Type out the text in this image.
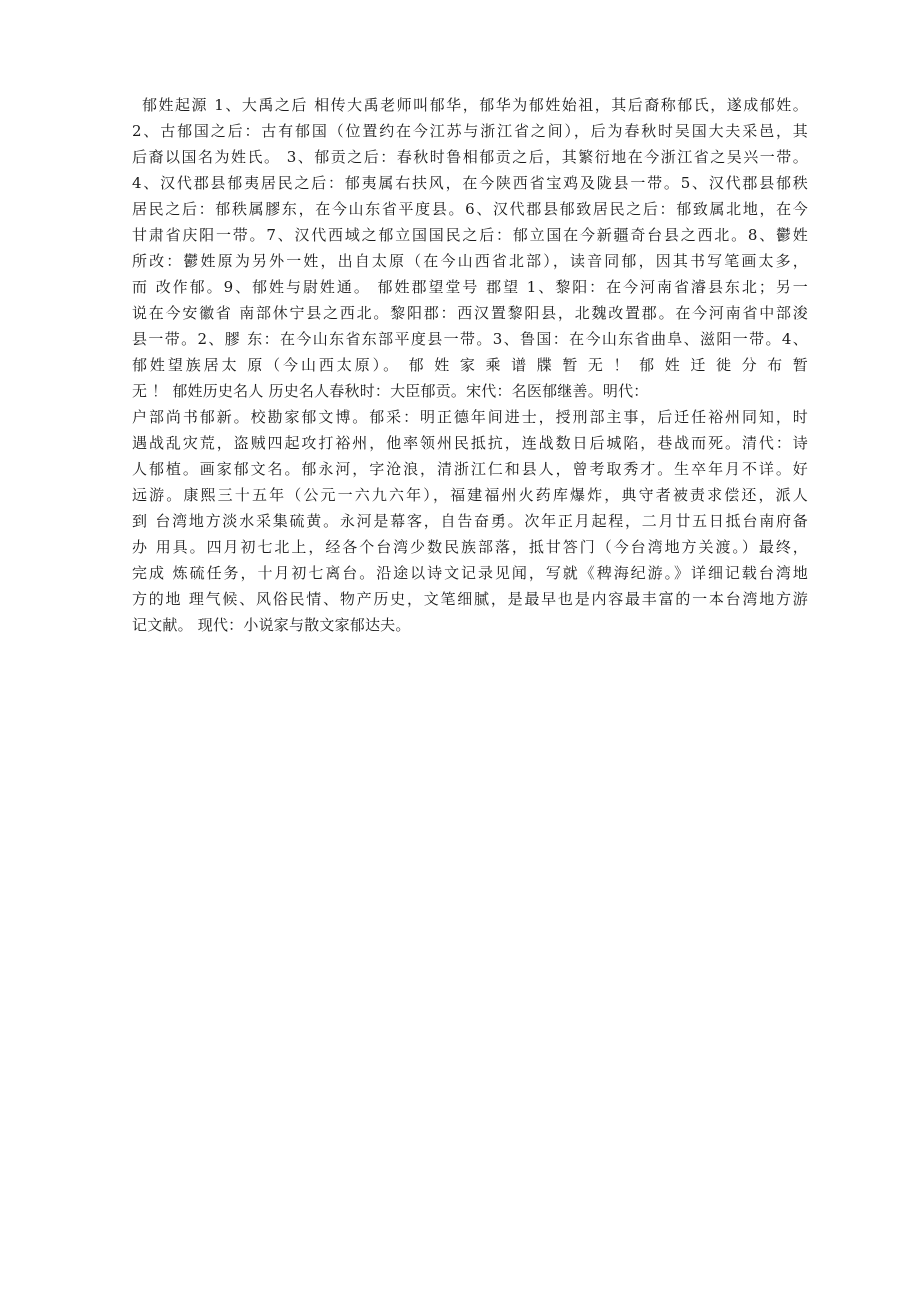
郁姓起源 1、大禹之后 相传大禹老师叫郁华，郁华为郁姓始祖，其后裔称郁氏，遂成郁姓。
2、古郁国之后：古有郁国（位置约在今江苏与浙江省之间），后为春秋时吴国大夫采邑，其
后裔以国名为姓氏。 3、郁贡之后：春秋时鲁相郁贡之后，其繁衍地在今浙江省之吴兴一带。
4、汉代郡县郁夷居民之后：郁夷属右扶风，在今陕西省宝鸡及陇县一带。5、汉代郡县郁秩
居民之后：郁秩属膠东，在今山东省平度县。6、汉代郡县郁致居民之后：郁致属北地，在今
甘肃省庆阳一带。7、汉代西域之郁立国国民之后：郁立国在今新疆奇台县之西北。8、鬱姓
所改：鬱姓原为另外一姓，出自太原（在今山西省北部），读音同郁，因其书写笔画太多，
而 改作郁。9、郁姓与尉姓通。 郁姓郡望堂号 郡望 1、黎阳：在今河南省濬县东北；另一
说在今安徽省 南部休宁县之西北。黎阳郡：西汉置黎阳县，北魏改置郡。在今河南省中部浚
县一带。2、膠 东：在今山东省东部平度县一带。3、鲁国：在今山东省曲阜、滋阳一带。4、
郁姓望族居太 原（今山西太原）。 郁 姓 家 乘 谱 牒 暂 无 ！ 郁 姓 迁 徙 分 布 暂
无 ！ 郁姓历史名人 历史名人春秋时：大臣郁贡。宋代：名医郁继善。明代：
户部尚书郁新。校勘家郁文博。郁采：明正德年间进士，授刑部主事，后迁任裕州同知，时
遇战乱灾荒，盗贼四起攻打裕州，他率领州民抵抗，连战数日后城陷，巷战而死。清代：诗
人郁植。画家郁文名。郁永河，字沧浪，清浙江仁和县人，曾考取秀才。生卒年月不详。好
远游。康熙三十五年（公元一六九六年），福建福州火药库爆炸，典守者被责求偿还，派人
到 台湾地方淡水采集硫黄。永河是幕客，自告奋勇。次年正月起程，二月廿五日抵台南府备
办 用具。四月初七北上，经各个台湾少数民族部落，抵甘答门（今台湾地方关渡。）最终，
完成 炼硫任务，十月初七离台。沿途以诗文记录见闻，写就《稗海纪游。》详细记载台湾地
方的地 理气候、风俗民情、物产历史，文笔细腻，是最早也是内容最丰富的一本台湾地方游
记文献。 现代：小说家与散文家郁达夫。
